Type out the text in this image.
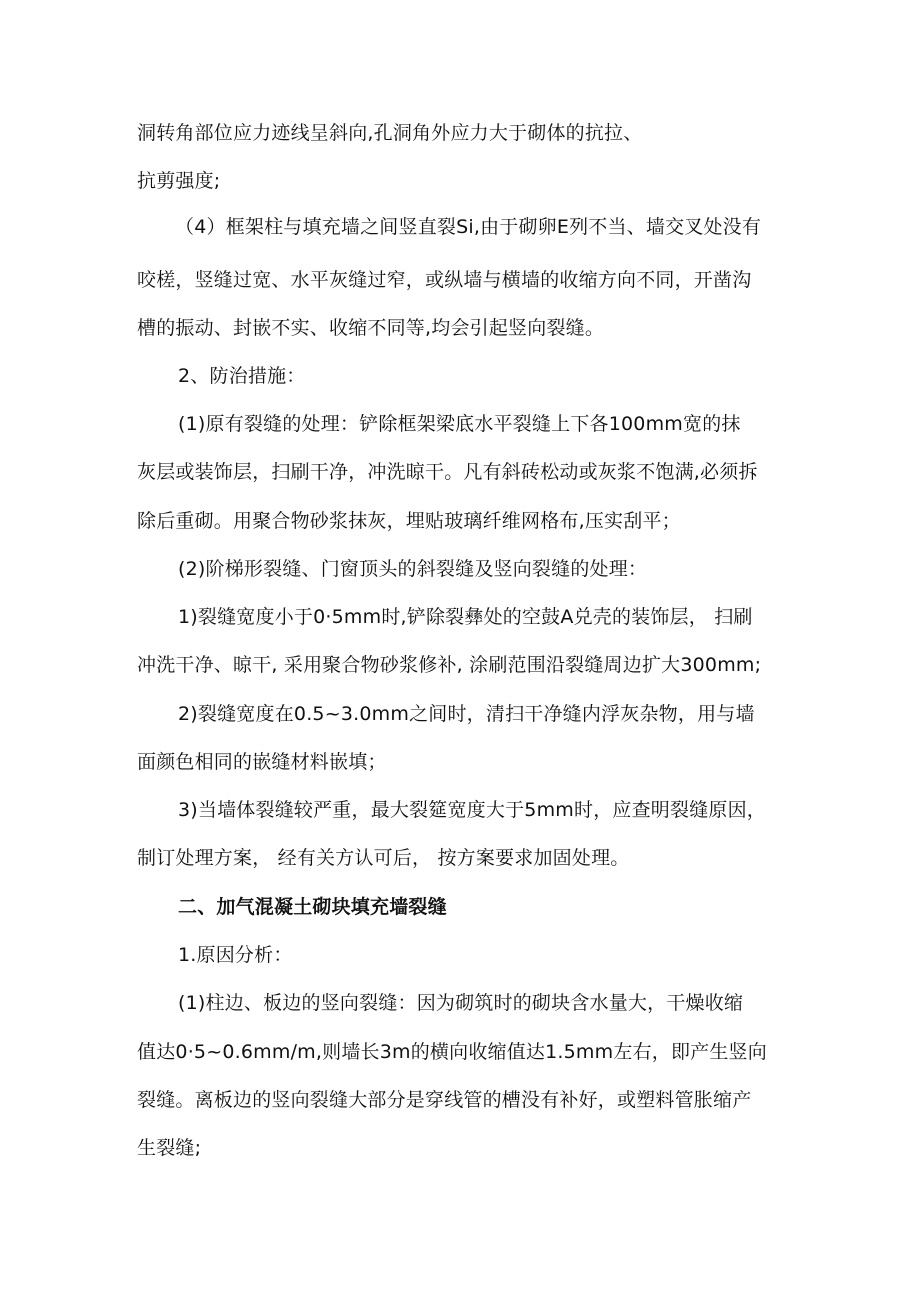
洞转角部位应力迹线呈斜向,孔洞角外应力大于砌体的抗拉、
抗剪强度;
（4）框架柱与填充墙之间竖直裂Si,由于砌卵E列不当、墙交叉处没有
咬槎，竖缝过宽、水平灰缝过窄，或纵墙与横墙的收缩方向不同，开凿沟
槽的振动、封嵌不实、收缩不同等,均会引起竖向裂缝。
2、防治措施：
(1)原有裂缝的处理：铲除框架梁底水平裂缝上下各100mm宽的抹
灰层或装饰层，扫刷干净，冲洗晾干。凡有斜砖松动或灰浆不饱满,必须拆
除后重砌。用聚合物砂浆抹灰，埋贴玻璃纤维网格布,压实刮平；
(2)阶梯形裂缝、门窗顶头的斜裂缝及竖向裂缝的处理：
1)裂缝宽度小于0·5mm时,铲除裂彝处的空鼓A兑壳的装饰层， 扫刷
冲洗干净、晾干, 采用聚合物砂浆修补, 涂刷范围沿裂缝周边扩大300mm;
2)裂缝宽度在0.5~3.0mm之间时，清扫干净缝内浮灰杂物，用与墙
面颜色相同的嵌缝材料嵌填；
3)当墙体裂缝较严重，最大裂筵宽度大于5mm时，应查明裂缝原因，
制订处理方案， 经有关方认可后， 按方案要求加固处理。
二、加气混凝土砌块填充墙裂缝
1.原因分析：
(1)柱边、板边的竖向裂缝：因为砌筑时的砌块含水量大，干燥收缩
值达0·5~0.6mm∕m,则墙长3m的横向收缩值达1.5mm左右，即产生竖向
裂缝。离板边的竖向裂缝大部分是穿线管的槽没有补好，或塑料管胀缩产
生裂缝;
